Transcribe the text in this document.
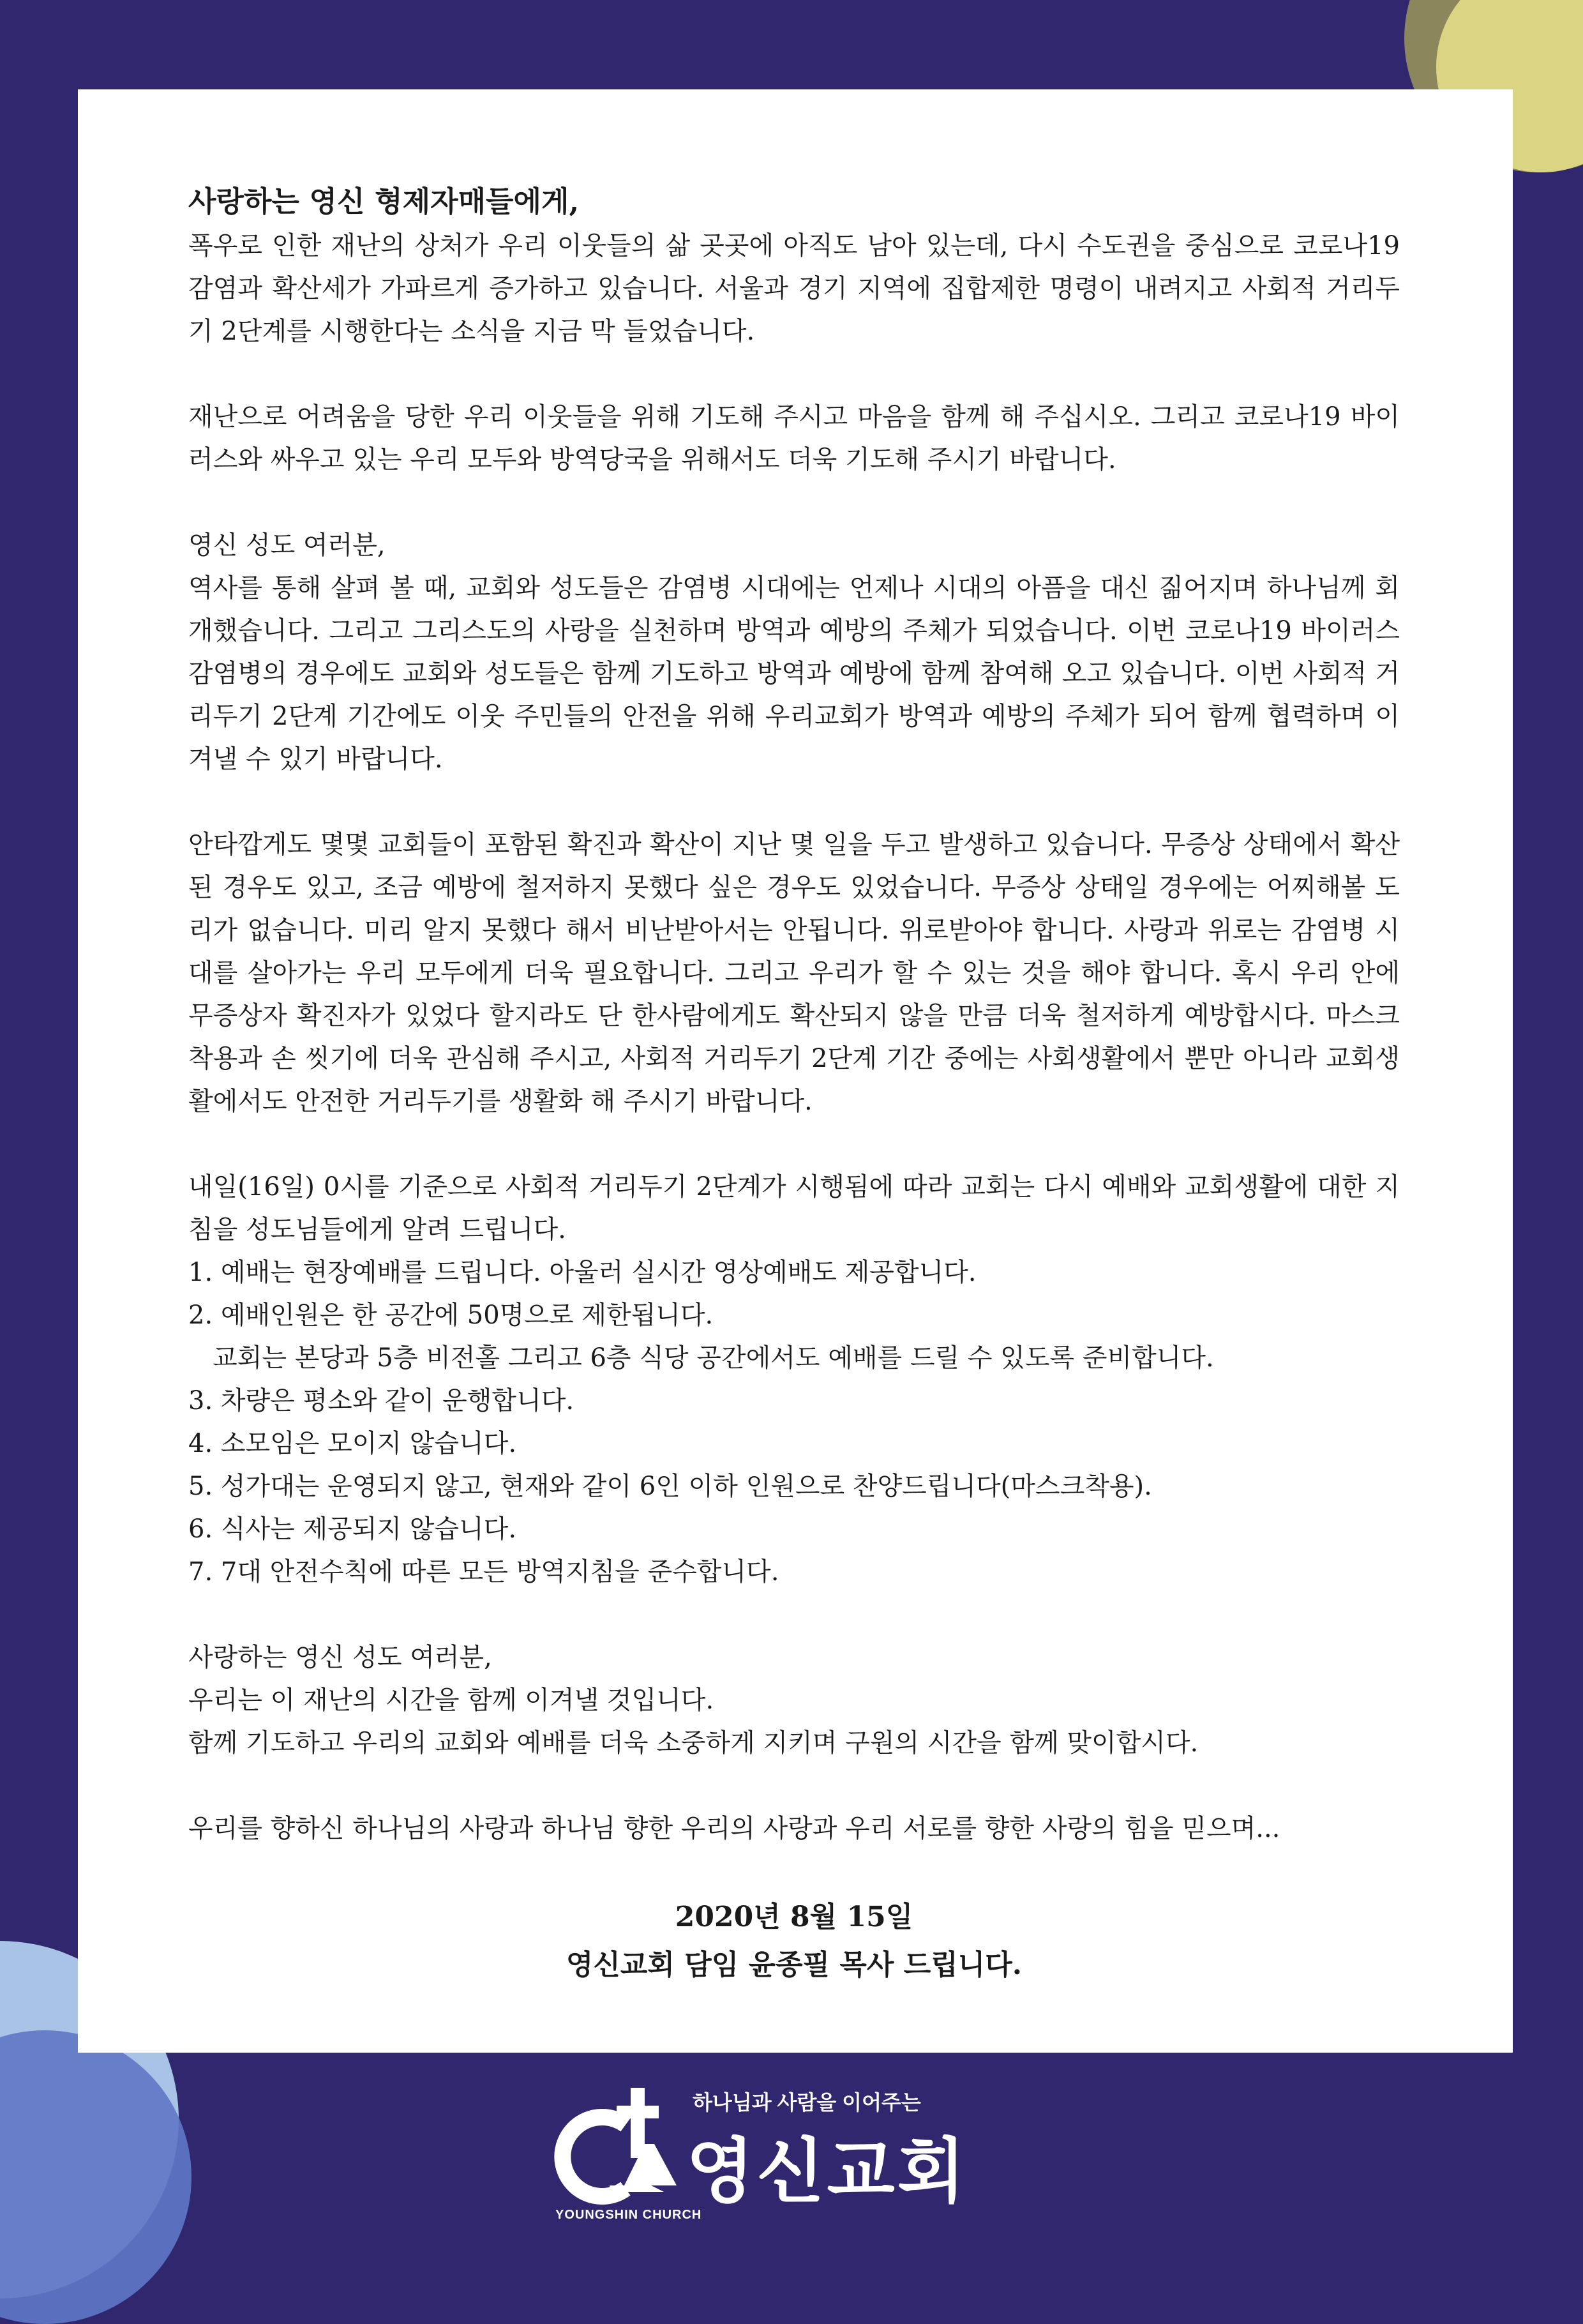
사랑하는 영신 형제자매들에게,

폭우로 인한 재난의 상처가 우리 이웃들의 삶 곳곳에 아직도 남아 있는데, 다시 수도권을 중심으로 코로나19 감염과 확산세가 가파르게 증가하고 있습니다. 서울과 경기 지역에 집합제한 명령이 내려지고 사회적 거리두기 2단계를 시행한다는 소식을 지금 막 들었습니다.

재난으로 어려움을 당한 우리 이웃들을 위해 기도해 주시고 마음을 함께 해 주십시오. 그리고 코로나19 바이러스와 싸우고 있는 우리 모두와 방역당국을 위해서도 더욱 기도해 주시기 바랍니다.

영신 성도 여러분,

역사를 통해 살펴 볼 때, 교회와 성도들은 감염병 시대에는 언제나 시대의 아픔을 대신 짊어지며 하나님께 회개했습니다. 그리고 그리스도의 사랑을 실천하며 방역과 예방의 주체가 되었습니다. 이번 코로나19 바이러스 감염병의 경우에도 교회와 성도들은 함께 기도하고 방역과 예방에 함께 참여해 오고 있습니다. 이번 사회적 거리두기 2단계 기간에도 이웃 주민들의 안전을 위해 우리교회가 방역과 예방의 주체가 되어 함께 협력하며 이겨낼 수 있기 바랍니다.

안타깝게도 몇몇 교회들이 포함된 확진과 확산이 지난 몇 일을 두고 발생하고 있습니다. 무증상 상태에서 확산된 경우도 있고, 조금 예방에 철저하지 못했다 싶은 경우도 있었습니다. 무증상 상태일 경우에는 어찌해볼 도리가 없습니다. 미리 알지 못했다 해서 비난받아서는 안됩니다. 위로받아야 합니다. 사랑과 위로는 감염병 시대를 살아가는 우리 모두에게 더욱 필요합니다. 그리고 우리가 할 수 있는 것을 해야 합니다. 혹시 우리 안에 무증상자 확진자가 있었다 할지라도 단 한사람에게도 확산되지 않을 만큼 더욱 철저하게 예방합시다. 마스크 착용과 손 씻기에 더욱 관심해 주시고, 사회적 거리두기 2단계 기간 중에는 사회생활에서 뿐만 아니라 교회생활에서도 안전한 거리두기를 생활화 해 주시기 바랍니다.

내일(16일) 0시를 기준으로 사회적 거리두기 2단계가 시행됨에 따라 교회는 다시 예배와 교회생활에 대한 지침을 성도님들에게 알려 드립니다.

1. 예배는 현장예배를 드립니다. 아울러 실시간 영상예배도 제공합니다.
2. 예배인원은 한 공간에 50명으로 제한됩니다.
교회는 본당과 5층 비전홀 그리고 6층 식당 공간에서도 예배를 드릴 수 있도록 준비합니다.
3. 차량은 평소와 같이 운행합니다.
4. 소모임은 모이지 않습니다.
5. 성가대는 운영되지 않고, 현재와 같이 6인 이하 인원으로 찬양드립니다(마스크착용).
6. 식사는 제공되지 않습니다.
7. 7대 안전수칙에 따른 모든 방역지침을 준수합니다.

사랑하는 영신 성도 여러분,

우리는 이 재난의 시간을 함께 이겨낼 것입니다.

함께 기도하고 우리의 교회와 예배를 더욱 소중하게 지키며 구원의 시간을 함께 맞이합시다.

우리를 향하신 하나님의 사랑과 하나님 향한 우리의 사랑과 우리 서로를 향한 사랑의 힘을 믿으며...

2020년 8월 15일
영신교회 담임 윤종필 목사 드립니다.
하나님과 사람을 이어주는
영신교회
YOUNGSHIN CHURCH
